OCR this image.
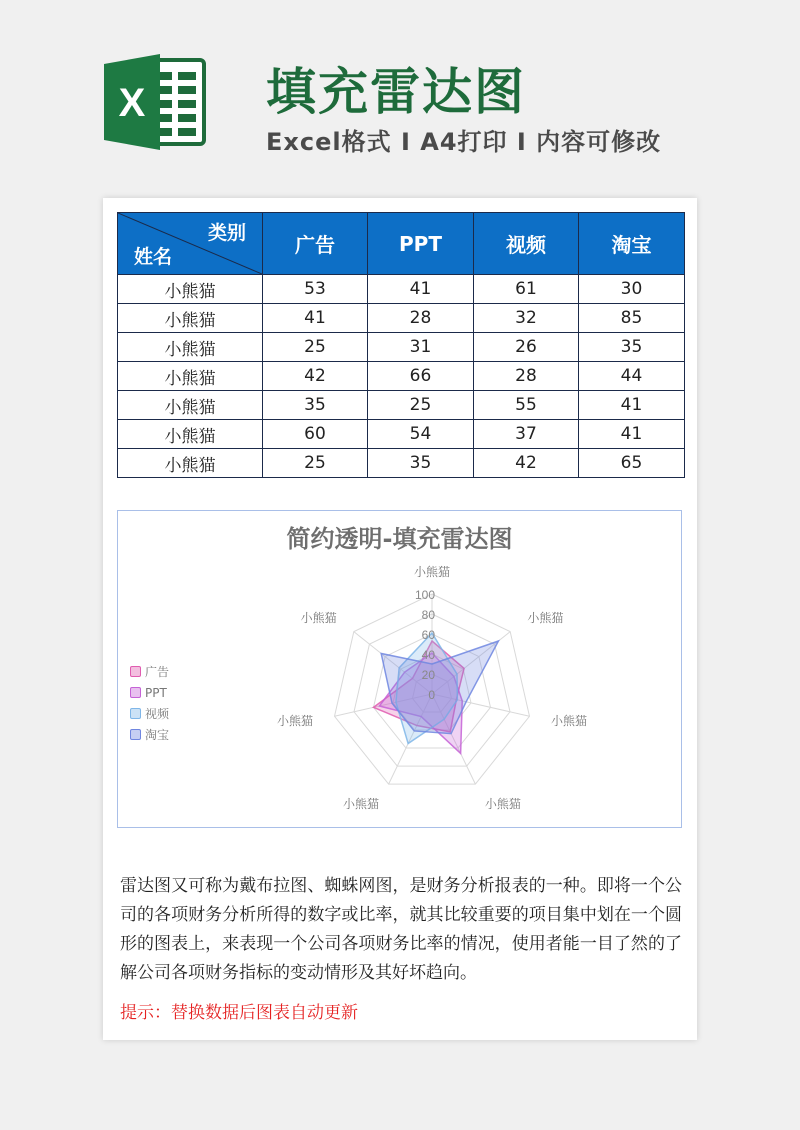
X 填充雷达图
Excel格式 I A4打印 I 内容可修改
类别
姓名	广告	PPT	视频	淘宝
小熊猫	53	41	61	30
小熊猫	41	28	32	85
小熊猫	25	31	26	35
小熊猫	42	66	28	44
小熊猫	35	25	55	41
小熊猫	60	54	37	41
小熊猫	25	35	42	65
简约透明-填充雷达图
0
20
40
60
80
100
小熊猫
小熊猫
小熊猫
小熊猫
小熊猫
小熊猫
小熊猫
广告
PPT
视频
淘宝

雷达图又可称为戴布拉图、蜘蛛网图，是财务分析报表的一种。即将一个公司的各项财务分析所得的数字或比率，就其比较重要的项目集中划在一个圆形的图表上，来表现一个公司各项财务比率的情况，使用者能一目了然的了解公司各项财务指标的变动情形及其好坏趋向。

提示：替换数据后图表自动更新
